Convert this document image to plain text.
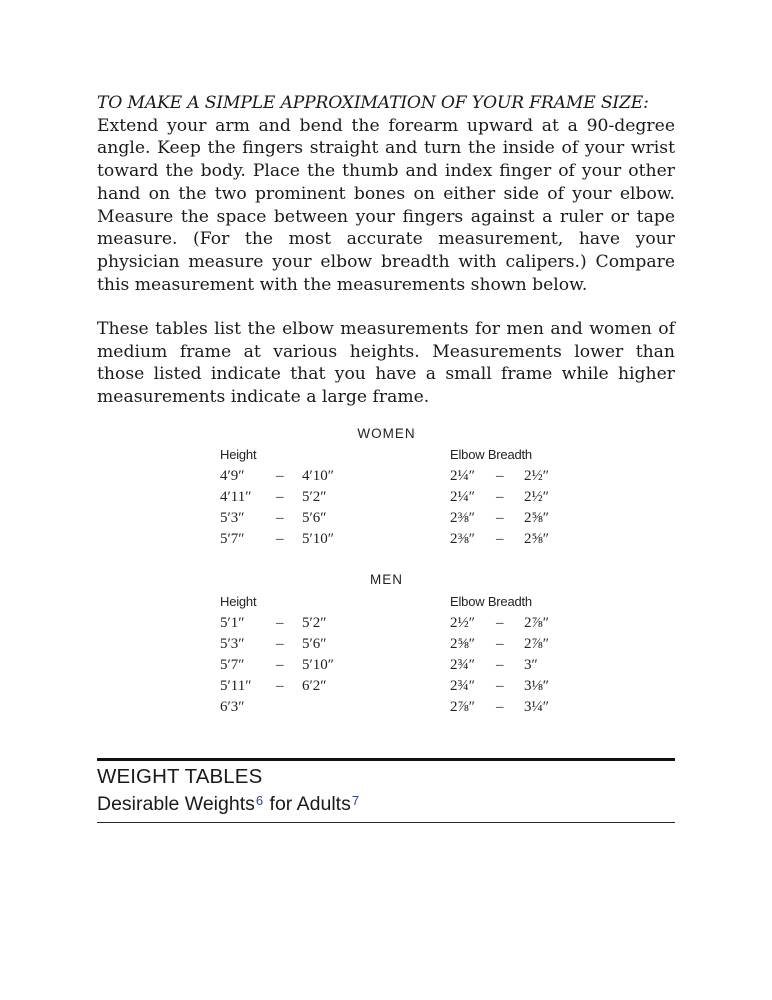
TO MAKE A SIMPLE APPROXIMATION OF YOUR FRAME SIZE:

Extend your arm and bend the forearm upward at a 90-degree angle. Keep the fingers straight and turn the inside of your wrist toward the body. Place the thumb and index finger of your other hand on the two prominent bones on either side of your elbow. Measure the space between your fingers against a ruler or tape measure. (For the most accurate measurement, have your physician measure your elbow breadth with calipers.) Compare this measurement with the measurements shown below.

These tables list the elbow measurements for men and women of medium frame at various heights. Measurements lower than those listed indicate that you have a small frame while higher measurements indicate a large frame.

WOMEN
Height	Elbow Breadth
4′9″ – 4′10″	2¼″ – 2½″
4′11″ – 5′2″	2¼″ – 2½″
5′3″ – 5′6″	2⅜″ – 2⅝″
5′7″ – 5′10″	2⅜″ – 2⅝″
MEN
Height	Elbow Breadth
5′1″ – 5′2″	2½″ – 2⅞″
5′3″ – 5′6″	2⅝″ – 2⅞″
5′7″ – 5′10″	2¾″ – 3″
5′11″ – 6′2″	2¾″ – 3⅛″
6′3″	2⅞″ – 3¼″
WEIGHT TABLES
Desirable Weights$^6$ for Adults$^7$
